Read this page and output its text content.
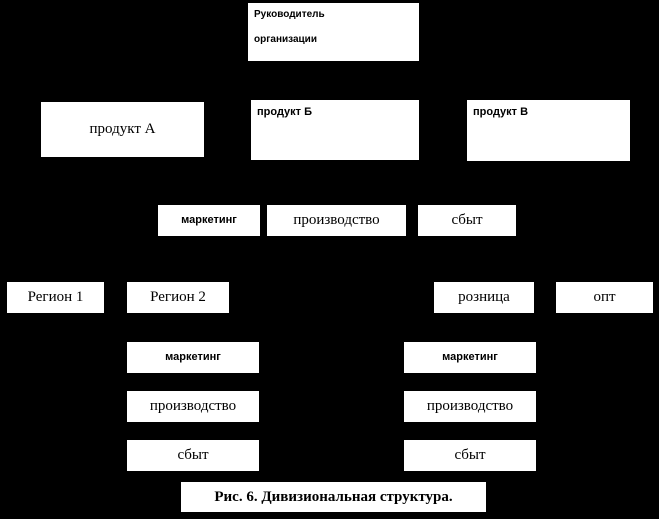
Руководитель
организации
продукт А
продукт Б	продукт В
маркетинг	производство	сбыт
Регион 1	Регион 2	розница	опт
маркетинг
производство
сбыт
маркетинг
производство
сбыт
Рис. 6. Дивизиональная структура.
